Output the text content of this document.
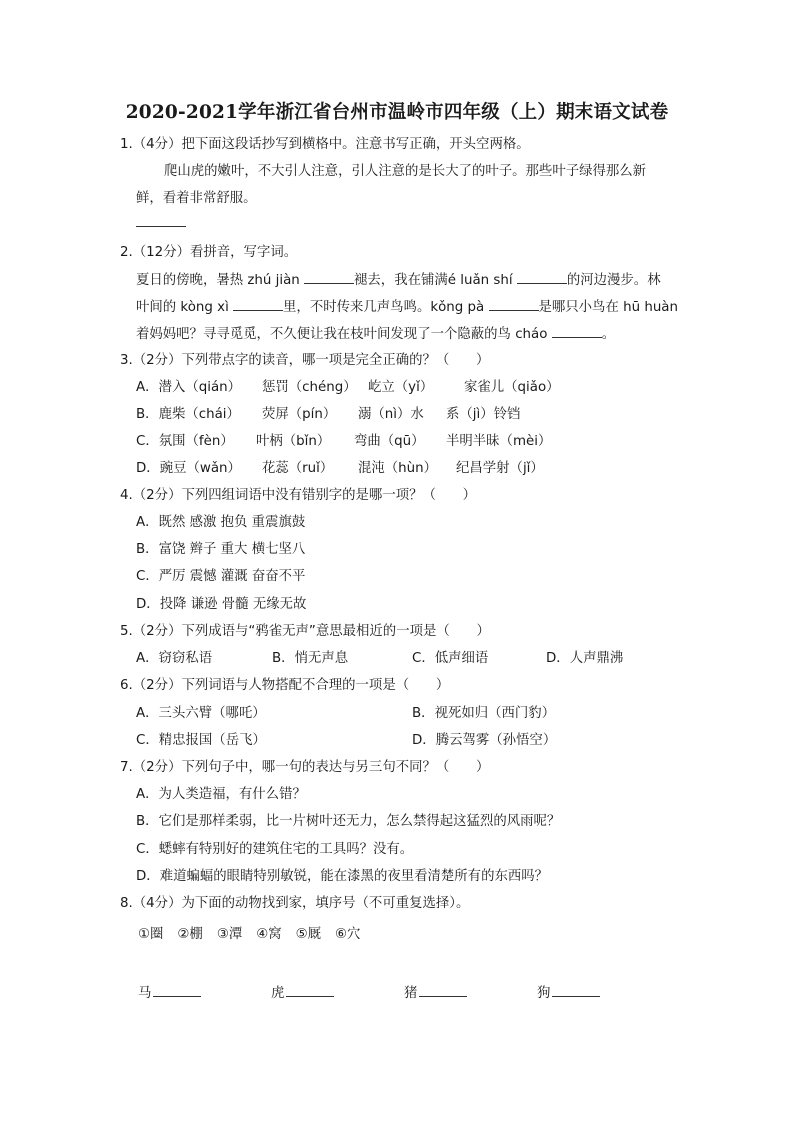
2020-2021学年浙江省台州市温岭市四年级（上）期末语文试卷
1.（4分）把下面这段话抄写到横格中。注意书写正确，开头空两格。
爬山虎的嫩叶，不大引人注意，引人注意的是长大了的叶子。那些叶子绿得那么新
鲜，看着非常舒服。
2.（12分）看拼音，写字词。
夏日的傍晚，暑热 zhú jiàn	褪去，我在铺满é luǎn shí	的河边漫步。林
叶间的 kòng xì	里，不时传来几声鸟鸣。kǒng pà	是哪只小鸟在 hū huàn
着妈妈吧？寻寻觅觅，不久便让我在枝叶间发现了一个隐蔽的鸟 cháo	。
3.（2分）下列带点字的读音，哪一项是完全正确的？（　　）
A．潜入（qián） 惩罚（chéng） 屹立（yǐ） 家雀儿（qiǎo）
B．鹿柴（chái） 荧屏（pín） 溺（nì）水 系（jì）铃铛
C．氛围（fèn） 叶柄（bǐn） 弯曲（qū） 半明半昧（mèi）
D．豌豆（wǎn） 花蕊（ruǐ） 混沌（hùn） 纪昌学射（jǐ）
4.（2分）下列四组词语中没有错别字的是哪一项？（　　）
A．既然 感激 抱负 重震旗鼓
B．富饶 辫子 重大 横七坚八
C．严厉 震憾 灌溉 奋奋不平
D．投降 谦逊 骨髓 无缘无故
5.（2分）下列成语与“鸦雀无声”意思最相近的一项是（　　）
A．窃窃私语	B．悄无声息	C．低声细语	D．人声鼎沸
6.（2分）下列词语与人物搭配不合理的一项是（　　）
A．三头六臂（哪吒）	B．视死如归（西门豹）
C．精忠报国（岳飞）	D．腾云驾雾（孙悟空）
7.（2分）下列句子中，哪一句的表达与另三句不同？（　　）
A．为人类造福，有什么错？
B．它们是那样柔弱，比一片树叶还无力，怎么禁得起这猛烈的风雨呢？
C．蟋蟀有特别好的建筑住宅的工具吗？没有。
D．难道蝙蝠的眼睛特别敏锐，能在漆黑的夜里看清楚所有的东西吗？
8.（4分）为下面的动物找到家，填序号（不可重复选择）。
①圈 ②棚 ③潭 ④窝 ⑤厩 ⑥穴
马	虎	猪	狗
